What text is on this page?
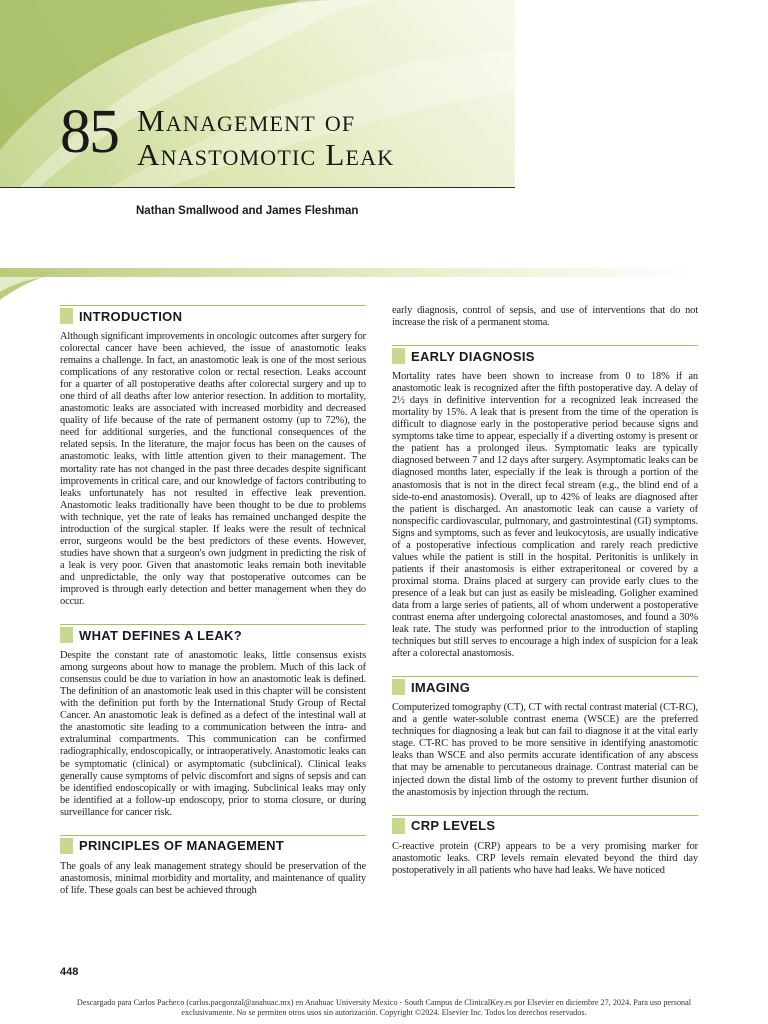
85 Management of
Anastomotic Leak
Nathan Smallwood and James Fleshman
INTRODUCTION

Although significant improvements in oncologic outcomes after surgery for colorectal cancer have been achieved, the issue of anastomotic leaks remains a challenge. In fact, an anastomotic leak is one of the most serious complications of any restorative colon or rectal resection. Leaks account for a quarter of all postoperative deaths after colorectal surgery and up to one third of all deaths after low anterior resection. In addition to mortality, anastomotic leaks are associated with increased morbidity and decreased quality of life because of the rate of permanent ostomy (up to 72%), the need for additional surgeries, and the functional consequences of the related sepsis. In the literature, the major focus has been on the causes of anastomotic leaks, with little attention given to their management. The mortality rate has not changed in the past three decades despite significant improvements in critical care, and our knowledge of factors contributing to leaks unfortunately has not resulted in effective leak prevention. Anastomotic leaks traditionally have been thought to be due to problems with technique, yet the rate of leaks has remained unchanged despite the introduction of the surgical stapler. If leaks were the result of technical error, surgeons would be the best predictors of these events. However, studies have shown that a surgeon's own judgment in predicting the risk of a leak is very poor. Given that anastomotic leaks remain both inevitable and unpredictable, the only way that postoperative outcomes can be improved is through early detection and better management when they do occur.

WHAT DEFINES A LEAK?

Despite the constant rate of anastomotic leaks, little consensus exists among surgeons about how to manage the problem. Much of this lack of consensus could be due to variation in how an anastomotic leak is defined. The definition of an anastomotic leak used in this chapter will be consistent with the definition put forth by the International Study Group of Rectal Cancer. An anastomotic leak is defined as a defect of the intestinal wall at the anastomotic site leading to a communication between the intra- and extraluminal compartments. This communication can be confirmed radiographically, endoscopically, or intraoperatively. Anastomotic leaks can be symptomatic (clinical) or asymptomatic (subclinical). Clinical leaks generally cause symptoms of pelvic discomfort and signs of sepsis and can be identified endoscopically or with imaging. Subclinical leaks may only be identified at a follow-up endoscopy, prior to stoma closure, or during surveillance for cancer risk.

PRINCIPLES OF MANAGEMENT

The goals of any leak management strategy should be preservation of the anastomosis, minimal morbidity and mortality, and maintenance of quality of life. These goals can best be achieved through

early diagnosis, control of sepsis, and use of interventions that do not increase the risk of a permanent stoma.

EARLY DIAGNOSIS

Mortality rates have been shown to increase from 0 to 18% if an anastomotic leak is recognized after the fifth postoperative day. A delay of 2½ days in definitive intervention for a recognized leak increased the mortality by 15%. A leak that is present from the time of the operation is difficult to diagnose early in the postoperative period because signs and symptoms take time to appear, especially if a diverting ostomy is present or the patient has a prolonged ileus. Symptomatic leaks are typically diagnosed between 7 and 12 days after surgery. Asymptomatic leaks can be diagnosed months later, especially if the leak is through a portion of the anastomosis that is not in the direct fecal stream (e.g., the blind end of a side-to-end anastomosis). Overall, up to 42% of leaks are diagnosed after the patient is discharged. An anastomotic leak can cause a variety of nonspecific cardiovascular, pulmonary, and gastrointestinal (GI) symptoms. Signs and symptoms, such as fever and leukocytosis, are usually indicative of a postoperative infectious complication and rarely reach predictive values while the patient is still in the hospital. Peritonitis is unlikely in patients if their anastomosis is either extraperitoneal or covered by a proximal stoma. Drains placed at surgery can provide early clues to the presence of a leak but can just as easily be misleading. Goligher examined data from a large series of patients, all of whom underwent a postoperative contrast enema after undergoing colorectal anastomoses, and found a 30% leak rate. The study was performed prior to the introduction of stapling techniques but still serves to encourage a high index of suspicion for a leak after a colorectal anastomosis.

IMAGING

Computerized tomography (CT), CT with rectal contrast material (CT-RC), and a gentle water-soluble contrast enema (WSCE) are the preferred techniques for diagnosing a leak but can fail to diagnose it at the vital early stage. CT-RC has proved to be more sensitive in identifying anastomotic leaks than WSCE and also permits accurate identification of any abscess that may be amenable to percutaneous drainage. Contrast material can be injected down the distal limb of the ostomy to prevent further disunion of the anastomosis by injection through the rectum.

CRP LEVELS

C-reactive protein (CRP) appears to be a very promising marker for anastomotic leaks. CRP levels remain elevated beyond the third day postoperatively in all patients who have had leaks. We have noticed

448
Descargado para Carlos Pacheco (carlos.pacgonzal@anahuac.mx) en Anahuac University Mexico - South Campus de ClinicalKey.es por Elsevier en diciembre 27, 2024. Para uso personal exclusivamente. No se permiten otros usos sin autorización. Copyright ©2024. Elsevier Inc. Todos los derechos reservados.
